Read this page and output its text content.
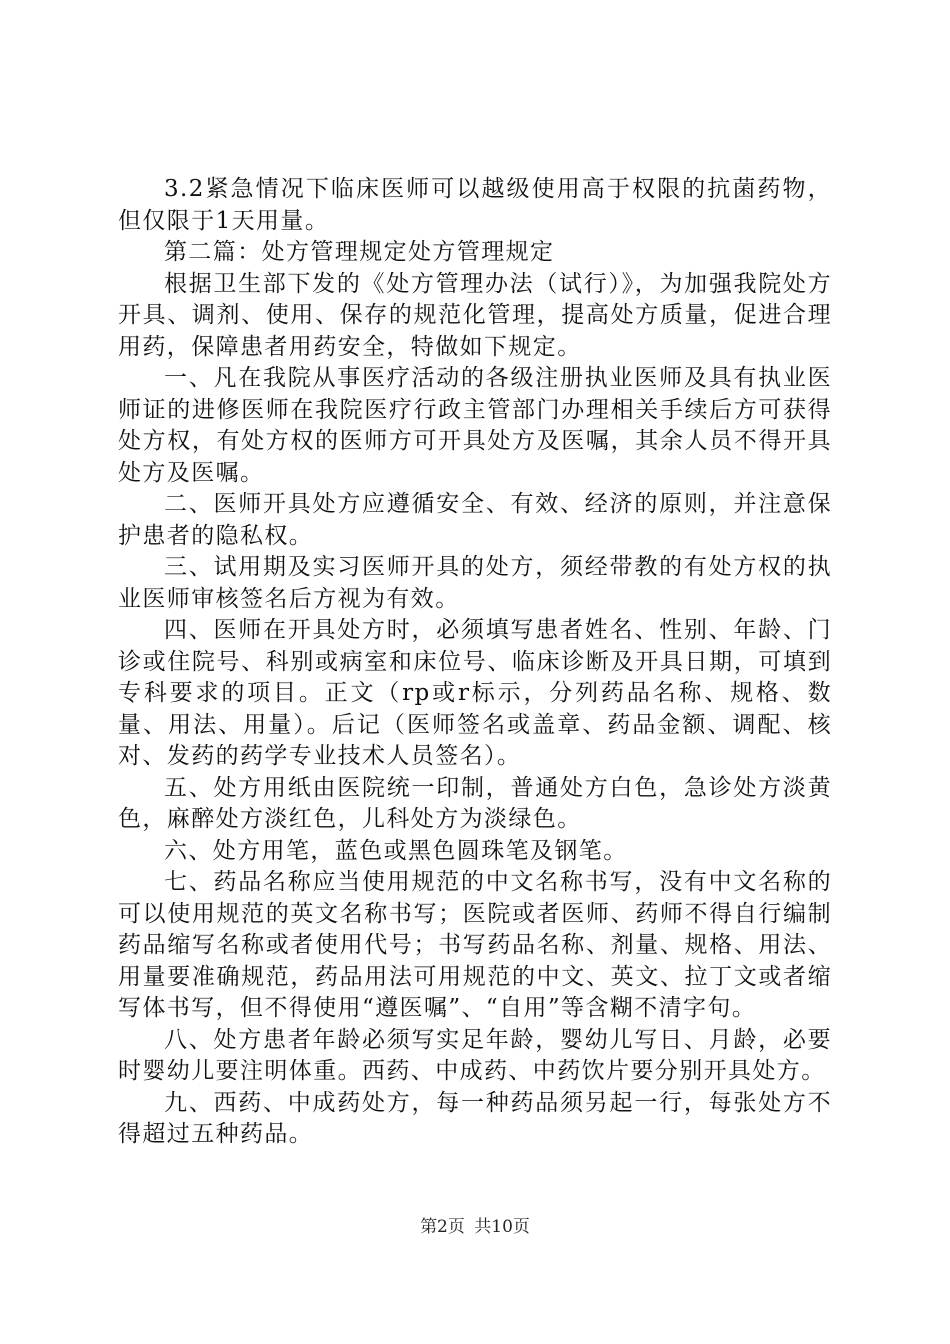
3.2紧急情况下临床医师可以越级使用高于权限的抗菌药物，但仅限于1天用量。

第二篇：处方管理规定处方管理规定

根据卫生部下发的《处方管理办法（试行）》，为加强我院处方开具、调剂、使用、保存的规范化管理，提高处方质量，促进合理用药，保障患者用药安全，特做如下规定。

一、凡在我院从事医疗活动的各级注册执业医师及具有执业医师证的进修医师在我院医疗行政主管部门办理相关手续后方可获得处方权，有处方权的医师方可开具处方及医嘱，其余人员不得开具处方及医嘱。

二、医师开具处方应遵循安全、有效、经济的原则，并注意保护患者的隐私权。

三、试用期及实习医师开具的处方，须经带教的有处方权的执业医师审核签名后方视为有效。

四、医师在开具处方时，必须填写患者姓名、性别、年龄、门诊或住院号、科别或病室和床位号、临床诊断及开具日期，可填到专科要求的项目。正文（rp或r标示，分列药品名称、规格、数量、用法、用量）。后记（医师签名或盖章、药品金额、调配、核对、发药的药学专业技术人员签名）。

五、处方用纸由医院统一印制，普通处方白色，急诊处方淡黄色，麻醉处方淡红色，儿科处方为淡绿色。

六、处方用笔，蓝色或黑色圆珠笔及钢笔。

七、药品名称应当使用规范的中文名称书写，没有中文名称的可以使用规范的英文名称书写；医院或者医师、药师不得自行编制药品缩写名称或者使用代号；书写药品名称、剂量、规格、用法、用量要准确规范，药品用法可用规范的中文、英文、拉丁文或者缩写体书写，但不得使用“遵医嘱”、“自用”等含糊不清字句。

八、处方患者年龄必须写实足年龄，婴幼儿写日、月龄，必要时婴幼儿要注明体重。西药、中成药、中药饮片要分别开具处方。

九、西药、中成药处方，每一种药品须另起一行，每张处方不得超过五种药品。

第2页 共10页
